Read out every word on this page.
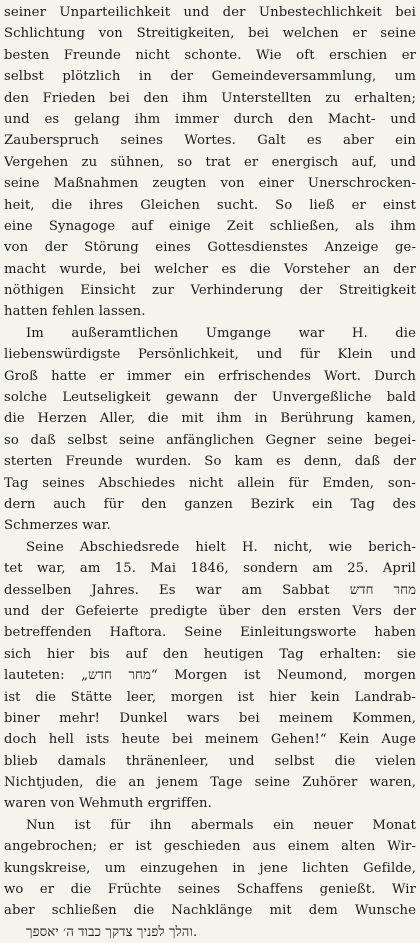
seiner Unparteilichkeit und der Unbestechlichkeit bei
Schlichtung von Streitigkeiten, bei welchen er seine
besten Freunde nicht schonte. Wie oft erschien er
selbst plötzlich in der Gemeindeversammlung, um
den Frieden bei den ihm Unterstellten zu erhalten;
und es gelang ihm immer durch den Macht- und
Zauberspruch seines Wortes. Galt es aber ein
Vergehen zu sühnen, so trat er energisch auf, und
seine Maßnahmen zeugten von einer Unerschrocken-
heit, die ihres Gleichen sucht. So ließ er einst
eine Synagoge auf einige Zeit schließen, als ihm
von der Störung eines Gottesdienstes Anzeige ge-
macht wurde, bei welcher es die Vorsteher an der
nöthigen Einsicht zur Verhinderung der Streitigkeit
hatten fehlen lassen.
Im außeramtlichen Umgange war H. die
liebenswürdigste Persönlichkeit, und für Klein und
Groß hatte er immer ein erfrischendes Wort. Durch
solche Leutseligkeit gewann der Unvergeßliche bald
die Herzen Aller, die mit ihm in Berührung kamen,
so daß selbst seine anfänglichen Gegner seine begei-
sterten Freunde wurden. So kam es denn, daß der
Tag seines Abschiedes nicht allein für Emden, son-
dern auch für den ganzen Bezirk ein Tag des
Schmerzes war.
Seine Abschiedsrede hielt H. nicht, wie berich-
tet war, am 15. Mai 1846, sondern am 25. April
desselben Jahres. Es war am Sabbat מחר חדש
und der Gefeierte predigte über den ersten Vers der
betreffenden Haftora. Seine Einleitungsworte haben
sich hier bis auf den heutigen Tag erhalten: sie
lauteten: „מחר חדש“ Morgen ist Neumond, morgen
ist die Stätte leer, morgen ist hier kein Landrab-
biner mehr! Dunkel wars bei meinem Kommen,
doch hell ists heute bei meinem Gehen!“ Kein Auge
blieb damals thränenleer, und selbst die vielen
Nichtjuden, die an jenem Tage seine Zuhörer waren,
waren von Wehmuth ergriffen.
Nun ist für ihn abermals ein neuer Monat
angebrochen; er ist geschieden aus einem alten Wir-
kungskreise, um einzugehen in jene lichten Gefilde,
wo er die Früchte seines Schaffens genießt. Wir
aber schließen die Nachklänge mit dem Wunsche
והלך לפניך צדקך כבוד ה׳ יאספך.
